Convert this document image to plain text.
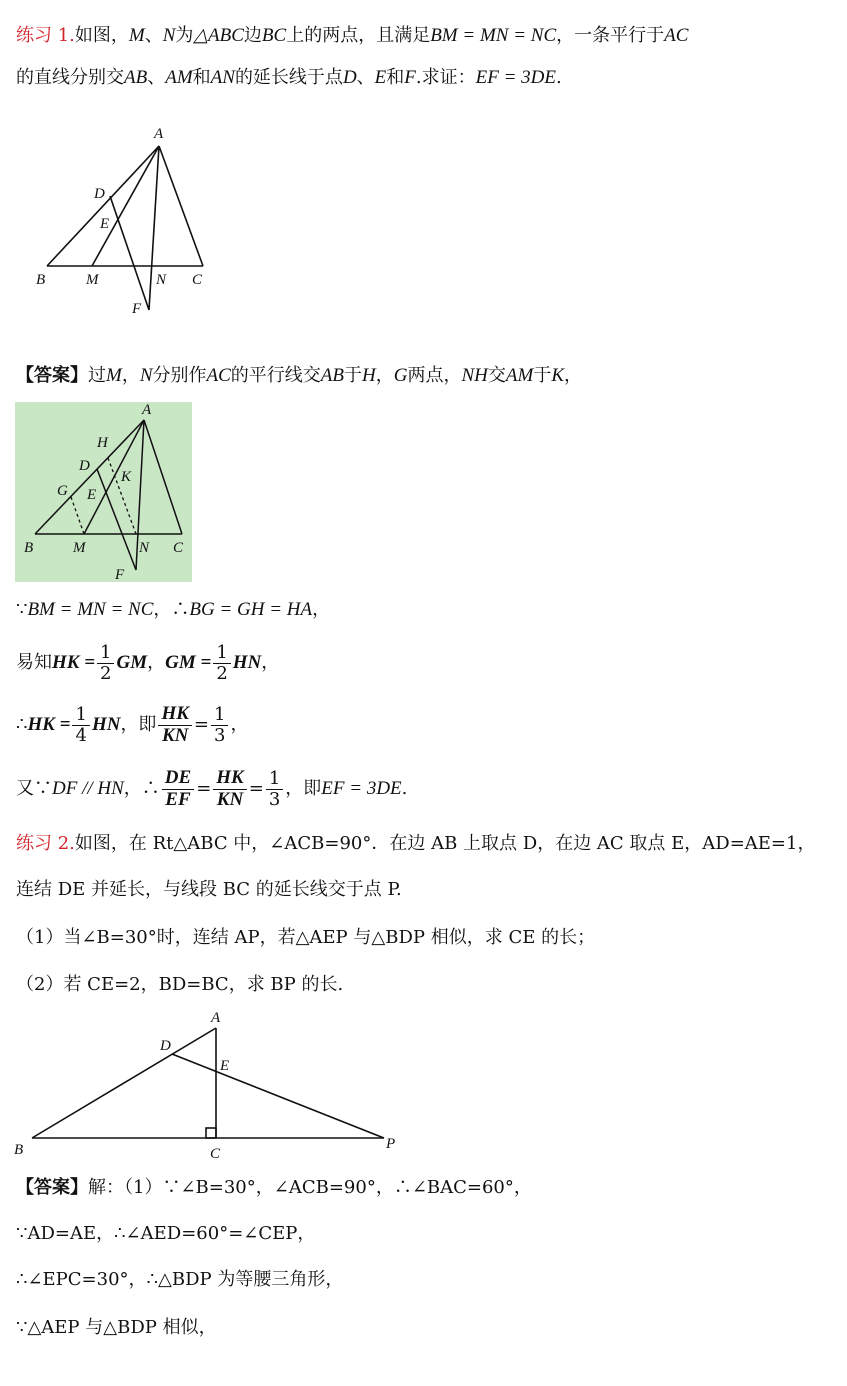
练习 1.如图，M、N为△ABC边BC上的两点，且满足BM = MN = NC，一条平行于AC
的直线分别交AB、AM和AN的延长线于点D、E和F.求证：EF = 3DE.
A
B	C
D
E
F
M	N
【答案】过M，N分别作AC的平行线交AB于H，G两点，NH交AM于K，
A
B	C
D
E
F
G
H
K
M	N
∵BM = MN = NC，∴BG = GH = HA，
易知HK = $\frac{1}{2}$ GM，GM = $\frac{1}{2}$ HN，
∴HK = $\frac{1}{4}$ HN，即 $\frac{HK}{KN} = \frac{1}{3}$ ，
又∵DF // HN，∴ $\frac{DE}{EF} = \frac{HK}{KN} = \frac{1}{3}$ ，即EF = 3DE.
练习 2.如图，在 Rt△ABC 中，∠ACB=90°．在边 AB 上取点 D，在边 AC 取点 E，AD=AE=1，
连结 DE 并延长，与线段 BC 的延长线交于点 P.
（1）当∠B=30°时，连结 AP，若△AEP 与△BDP 相似，求 CE 的长；
（2）若 CE=2，BD=BC，求 BP 的长.
A
B	C
D
E
P
【答案】解：（1）∵∠B=30°，∠ACB=90°，∴∠BAC=60°，
∵AD=AE，∴∠AED=60°=∠CEP，
∴∠EPC=30°，∴△BDP 为等腰三角形，
∵△AEP 与△BDP 相似，
